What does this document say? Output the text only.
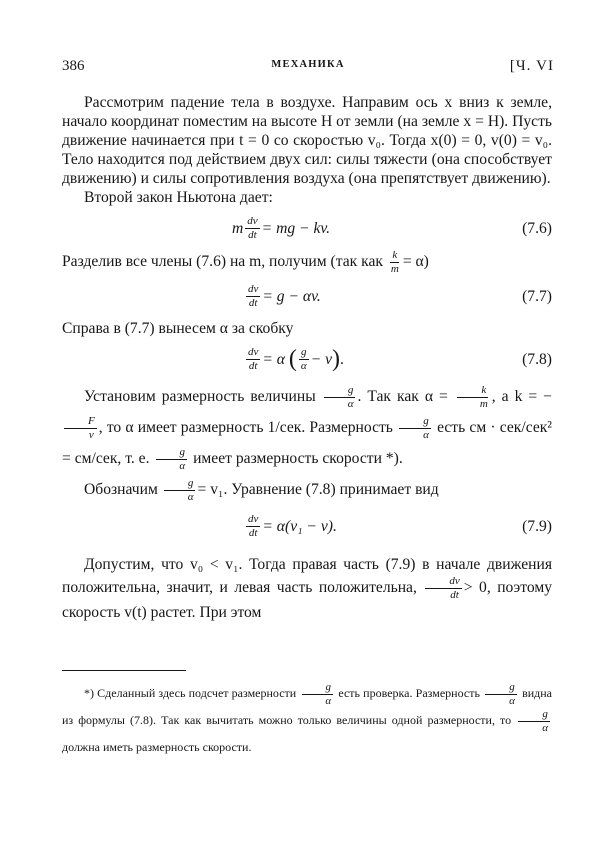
386	МЕХАНИКА	[Ч. VI

Рассмотрим падение тела в воздухе. Направим ось x вниз к земле, начало координат поместим на высоте H от земли (на земле x = H). Пусть движение начинается при t = 0 со скоростью v₀. Тогда x(0) = 0, v(0) = v₀. Тело находится под действием двух сил: силы тяжести (она способствует движению) и силы сопротивления воздуха (она препятствует движению).

Второй закон Ньютона дает:

m $\frac{dv}{dt}$ = mg − kv.	(7.6)

Разделив все члены (7.6) на m, получим (так как $\frac{k}{m} = \alpha$)

$\frac{dv}{dt} = g - \alpha v$.	(7.7)

Справа в (7.7) вынесем α за скобку

$\frac{dv}{dt} = \alpha$
( $\frac{g}{\alpha} - v$ ) .	(7.8)

Установим размерность величины $\frac{g}{\alpha}$ . Так как $\alpha = \frac{k}{m}$ , а k = −
$\frac{F}{v}$ , то α имеет размерность 1/сек. Размерность $\frac{g}{\alpha}$ есть см · сек/сек² = см/сек, т. е. $\frac{g}{\alpha}$ имеет размерность скорости *).

Обозначим $\frac{g}{\alpha} = v_1$. Уравнение (7.8) принимает вид

$\frac{dv}{dt} = \alpha(v_1 - v)$.	(7.9)

Допустим, что v₀ < v₁. Тогда правая часть (7.9) в начале движения положительна, значит, и левая часть положительна, $\frac{dv}{dt} > 0$, поэтому скорость v(t) растет. При этом

*) Сделанный здесь подсчет размерности $\frac{g}{\alpha}$ есть проверка. Размерность $\frac{g}{\alpha}$ видна из формулы (7.8). Так как вычитать можно только величины одной размерности, то $\frac{g}{\alpha}$
должна иметь размерность скорости.
